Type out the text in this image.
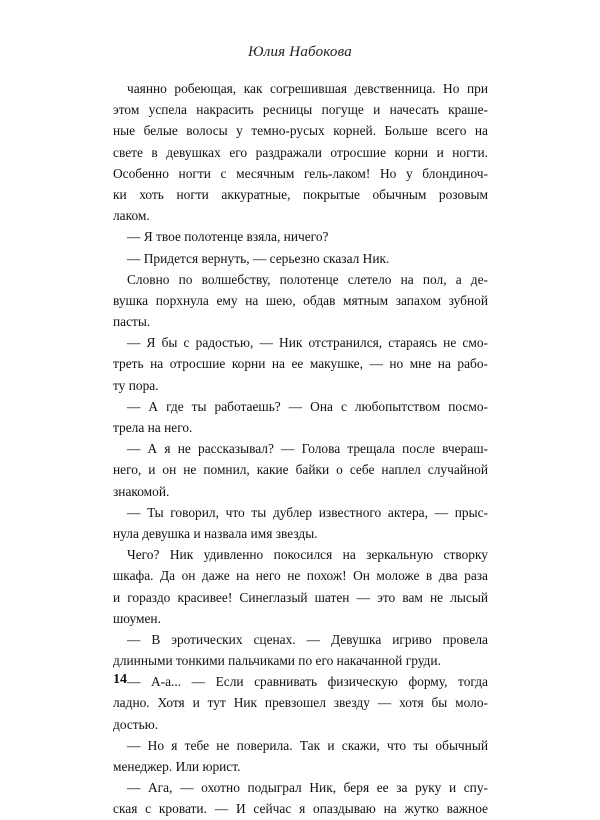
Юлия Набокова

чаянно робеющая, как согрешившая девственница. Но при
этом успела накрасить ресницы погуще и начесать краше-
ные белые волосы у темно-русых корней. Больше всего на
свете в девушках его раздражали отросшие корни и ногти.
Особенно ногти с месячным гель-лаком! Но у блондиноч-
ки хоть ногти аккуратные, покрытые обычным розовым
лаком.

— Я твое полотенце взяла, ничего?

— Придется вернуть, — серьезно сказал Ник.

Словно по волшебству, полотенце слетело на пол, а де-
вушка порхнула ему на шею, обдав мятным запахом зубной
пасты.

— Я бы с радостью, — Ник отстранился, стараясь не смо-
треть на отросшие корни на ее макушке, — но мне на рабо-
ту пора.

— А где ты работаешь? — Она с любопытством посмо-
трела на него.

— А я не рассказывал? — Голова трещала после вчераш-
него, и он не помнил, какие байки о себе наплел случайной
знакомой.

— Ты говорил, что ты дублер известного актера, — прыс-
нула девушка и назвала имя звезды.

Чего? Ник удивленно покосился на зеркальную створку
шкафа. Да он даже на него не похож! Он моложе в два раза
и гораздо красивее! Синеглазый шатен — это вам не лысый
шоумен.

— В эротических сценах. — Девушка игриво провела
длинными тонкими пальчиками по его накачанной груди.

— А-а... — Если сравнивать физическую форму, тогда
ладно. Хотя и тут Ник превзошел звезду — хотя бы моло-
достью.

— Но я тебе не поверила. Так и скажи, что ты обычный
менеджер. Или юрист.

— Ага, — охотно подыграл Ник, беря ее за руку и спу-
ская с кровати. — И сейчас я опаздываю на жутко важное

14
